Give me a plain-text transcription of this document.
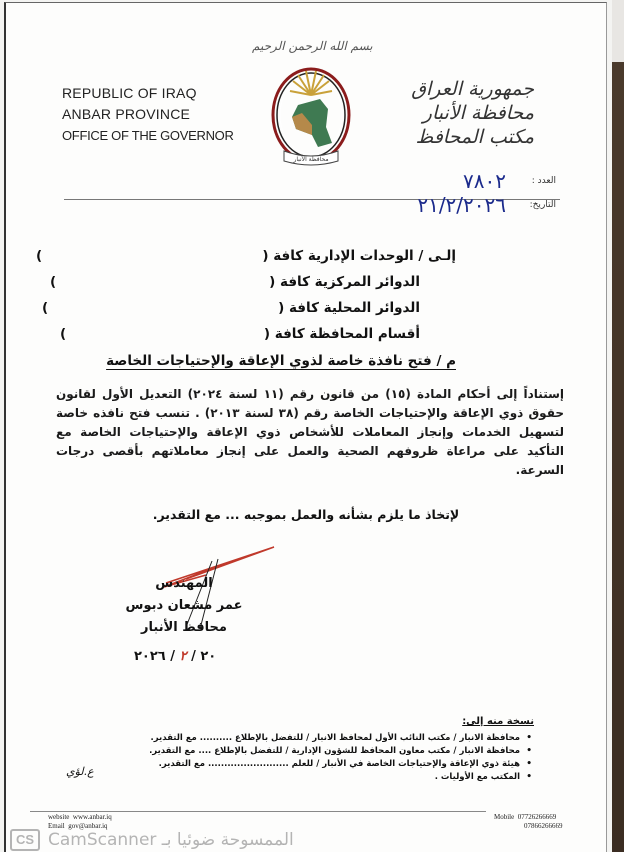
REPUBLIC OF IRAQ
ANBAR PROVINCE
OFFICE OF THE GOVERNOR
بسم الله الرحمن الرحيم
محافظة الأنبار
جمهورية العراق
محافظة الأنبار
مكتب المحافظ
العدد :
٧٨٠٢
التاريخ:
٢١/٢/٢٠٢٦
إلـى / الوحدات الإدارية كافة (
)
الدوائر المركزية كافة (
)
الدوائر المحلية كافة (
)
أقسام المحافظة كافة (
)
م / فتح نافذة خاصة لذوي الإعاقة والإحتياجات الخاصة
إستناداً إلى أحكام المادة (١٥) من قانون رقم (١١ لسنة ٢٠٢٤) التعديل الأول لقانون حقوق ذوي الإعاقة والإحتياجات الخاصة رقم (٣٨ لسنة ٢٠١٣) . تنسب فتح نافذه خاصة لتسهيل الخدمات وإنجاز المعاملات للأشخاص ذوي الإعاقة والإحتياجات الخاصة مع التأكيد على مراعاة ظروفهم الصحية والعمل على إنجاز معاملاتهم بأقصى درجات السرعة.
لإتخاذ ما يلزم بشأنه والعمل بموجبه ... مع التقدير.
المهندس
عمر مشعان دبوس
محافظ الأنبار
٢٠ / ٢ / ٢٠٢٦
نسخة منه إلى:
• محافظة الانبار / مكتب النائب الأول لمحافظ الانبار / للتفضل بالإطلاع .......... مع التقدير.
• محافظة الانبار / مكتب معاون المحافظ للشؤون الإدارية / للتفضل بالإطلاع .... مع التقدير.
• هيئة ذوي الإعاقة والإحتياجات الخاصة في الأنبار / للعلم ......................... مع التقدير.
• المكتب مع الأوليات .
ع.لؤي
website www.anbar.iq
Email gov@anbar.iq
Mobile 07726266669
07866266669
CS الممسوحة ضوئيا بـ CamScanner
